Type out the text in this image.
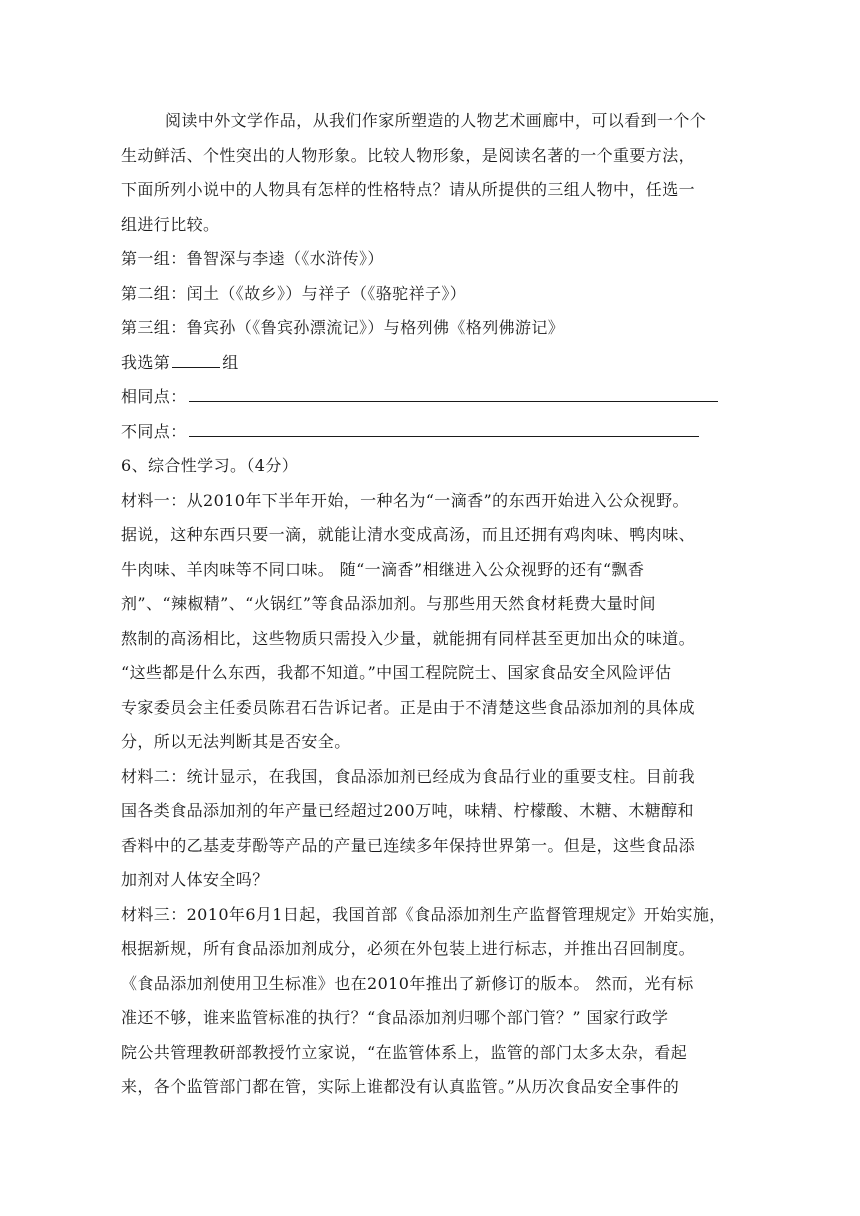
阅读中外文学作品，从我们作家所塑造的人物艺术画廊中，可以看到一个个
生动鲜活、个性突出的人物形象。比较人物形象，是阅读名著的一个重要方法，
下面所列小说中的人物具有怎样的性格特点？请从所提供的三组人物中，任选一
组进行比较。
第一组：鲁智深与李逵（《水浒传》）
第二组：闰土（《故乡》）与祥子（《骆驼祥子》）
第三组：鲁宾孙（《鲁宾孙漂流记》）与格列佛《格列佛游记》
我选第	组
相同点：
不同点：
6、综合性学习。（4分）
材料一：从2010年下半年开始，一种名为“一滴香”的东西开始进入公众视野。
据说，这种东西只要一滴，就能让清水变成高汤，而且还拥有鸡肉味、鸭肉味、
牛肉味、羊肉味等不同口味。 随“一滴香”相继进入公众视野的还有“飘香
剂”、“辣椒精”、“火锅红”等食品添加剂。与那些用天然食材耗费大量时间
熬制的高汤相比，这些物质只需投入少量，就能拥有同样甚至更加出众的味道。
“这些都是什么东西，我都不知道。”中国工程院院士、国家食品安全风险评估
专家委员会主任委员陈君石告诉记者。正是由于不清楚这些食品添加剂的具体成
分，所以无法判断其是否安全。
材料二：统计显示，在我国，食品添加剂已经成为食品行业的重要支柱。目前我
国各类食品添加剂的年产量已经超过200万吨，味精、柠檬酸、木糖、木糖醇和
香料中的乙基麦芽酚等产品的产量已连续多年保持世界第一。但是，这些食品添
加剂对人体安全吗？
材料三：2010年6月1日起，我国首部《食品添加剂生产监督管理规定》开始实施，
根据新规，所有食品添加剂成分，必须在外包装上进行标志，并推出召回制度。
《食品添加剂使用卫生标准》也在2010年推出了新修订的版本。 然而，光有标
准还不够，谁来监管标准的执行？“食品添加剂归哪个部门管？” 国家行政学
院公共管理教研部教授竹立家说，“在监管体系上，监管的部门太多太杂，看起
来，各个监管部门都在管，实际上谁都没有认真监管。”从历次食品安全事件的
